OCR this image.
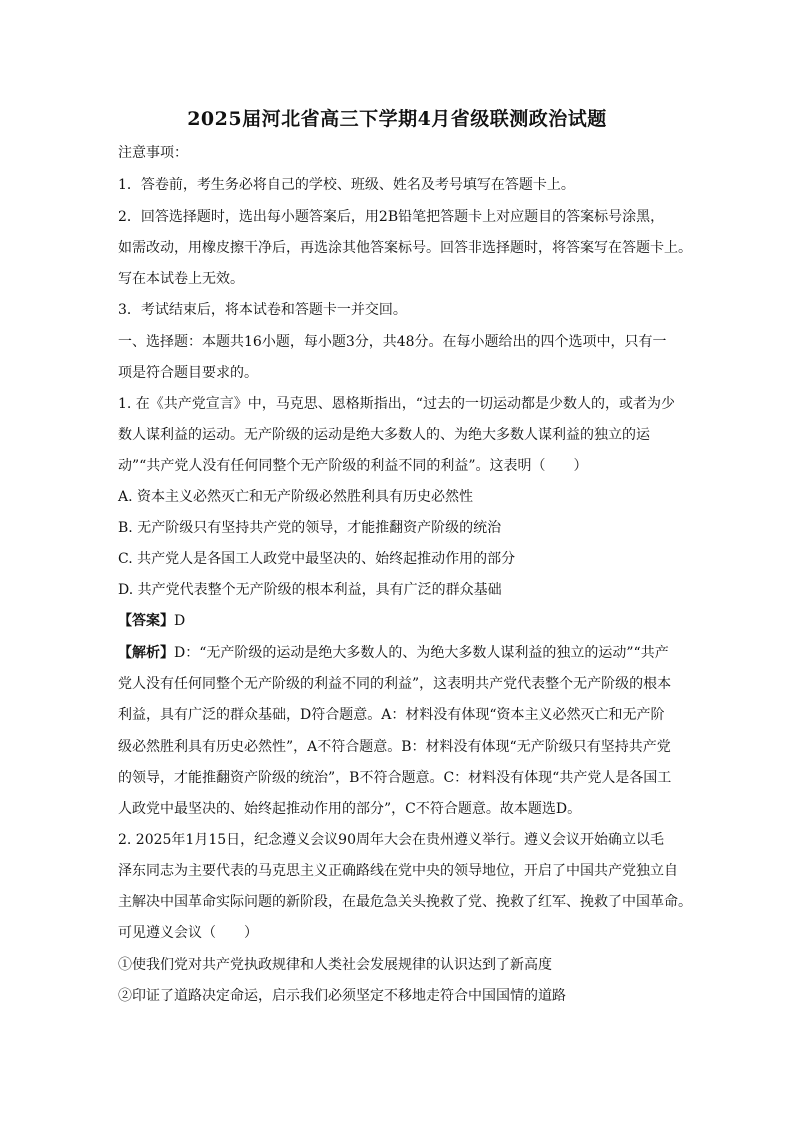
2025届河北省高三下学期4月省级联测政治试题
注意事项：
1．答卷前，考生务必将自己的学校、班级、姓名及考号填写在答题卡上。
2．回答选择题时，选出每小题答案后，用2B铅笔把答题卡上对应题目的答案标号涂黑，
如需改动，用橡皮擦干净后，再选涂其他答案标号。回答非选择题时，将答案写在答题卡上。
写在本试卷上无效。
3．考试结束后，将本试卷和答题卡一并交回。
一、选择题：本题共16小题，每小题3分，共48分。在每小题给出的四个选项中，只有一
项是符合题目要求的。
1. 在《共产党宣言》中，马克思、恩格斯指出，“过去的一切运动都是少数人的，或者为少
数人谋利益的运动。无产阶级的运动是绝大多数人的、为绝大多数人谋利益的独立的运
动”“共产党人没有任何同整个无产阶级的利益不同的利益”。这表明（　　）
A. 资本主义必然灭亡和无产阶级必然胜利具有历史必然性
B. 无产阶级只有坚持共产党的领导，才能推翻资产阶级的统治
C. 共产党人是各国工人政党中最坚决的、始终起推动作用的部分
D. 共产党代表整个无产阶级的根本利益，具有广泛的群众基础
【答案】D
【解析】D：“无产阶级的运动是绝大多数人的、为绝大多数人谋利益的独立的运动”“共产
党人没有任何同整个无产阶级的利益不同的利益”，这表明共产党代表整个无产阶级的根本
利益，具有广泛的群众基础，D符合题意。A：材料没有体现“资本主义必然灭亡和无产阶
级必然胜利具有历史必然性”，A不符合题意。B：材料没有体现“无产阶级只有坚持共产党
的领导，才能推翻资产阶级的统治”，B不符合题意。C：材料没有体现“共产党人是各国工
人政党中最坚决的、始终起推动作用的部分”，C不符合题意。故本题选D。
2. 2025年1月15日，纪念遵义会议90周年大会在贵州遵义举行。遵义会议开始确立以毛
泽东同志为主要代表的马克思主义正确路线在党中央的领导地位，开启了中国共产党独立自
主解决中国革命实际问题的新阶段，在最危急关头挽救了党、挽救了红军、挽救了中国革命。
可见遵义会议（　　）
①使我们党对共产党执政规律和人类社会发展规律的认识达到了新高度
②印证了道路决定命运，启示我们必须坚定不移地走符合中国国情的道路
